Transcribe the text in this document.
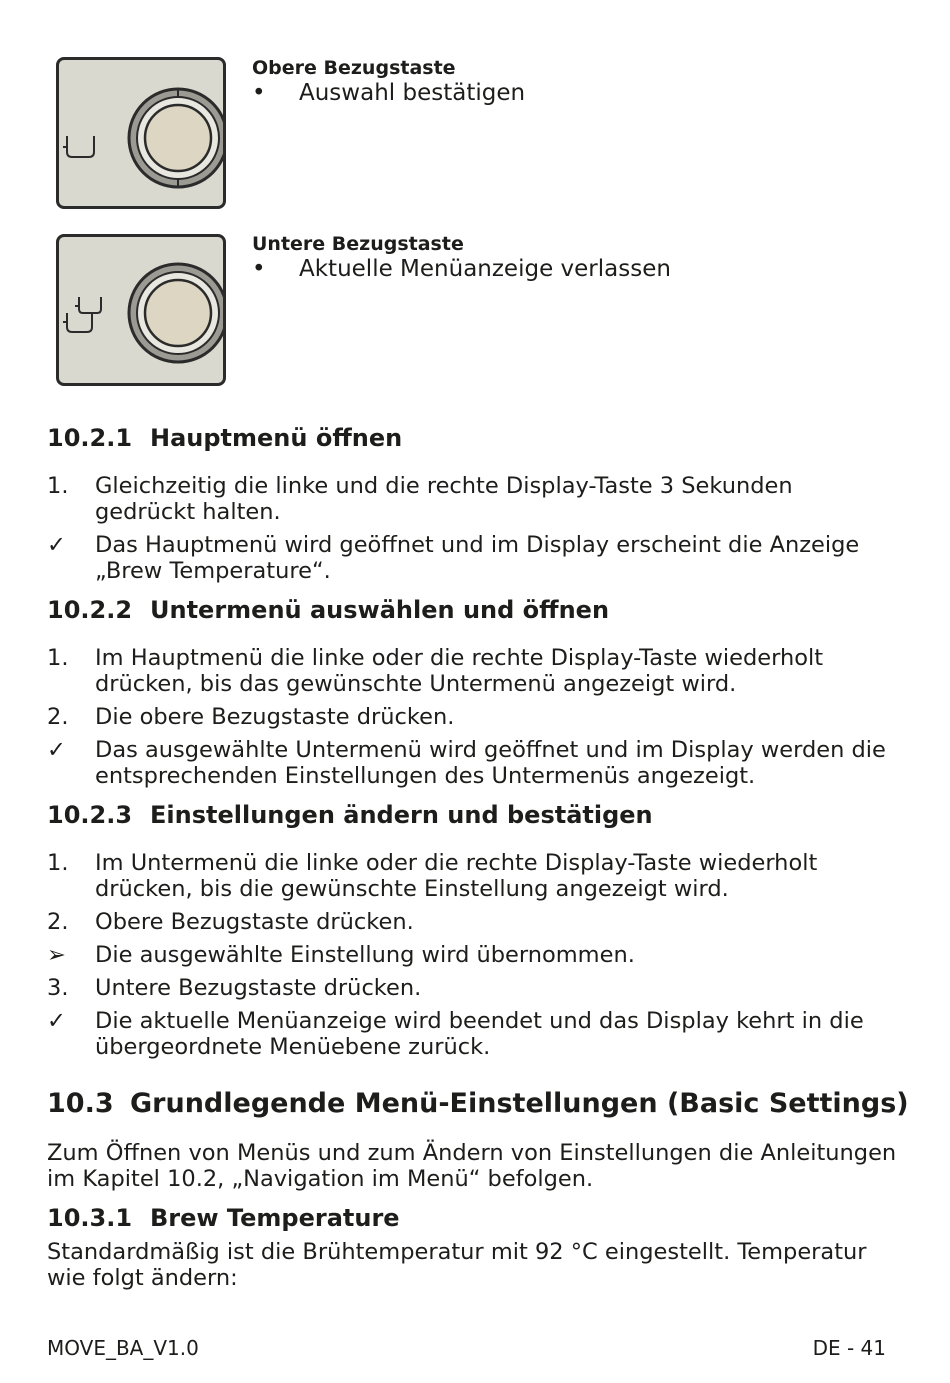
Obere Bezugstaste
• Auswahl bestätigen
Untere Bezugstaste
• Aktuelle Menüanzeige verlassen
10.2.1 Hauptmenü öffnen
1. Gleichzeitig die linke und die rechte Display-Taste 3 Sekunden gedrückt halten.
✓ Das Hauptmenü wird geöffnet und im Display erscheint die Anzeige „Brew Temperature“.
10.2.2 Untermenü auswählen und öffnen
1. Im Hauptmenü die linke oder die rechte Display-Taste wiederholt drücken, bis das gewünschte Untermenü angezeigt wird.
2. Die obere Bezugstaste drücken.
✓ Das ausgewählte Untermenü wird geöffnet und im Display werden die entsprechenden Einstellungen des Untermenüs angezeigt.
10.2.3 Einstellungen ändern und bestätigen
1. Im Untermenü die linke oder die rechte Display-Taste wiederholt drücken, bis die gewünschte Einstellung angezeigt wird.
2. Obere Bezugstaste drücken.
➢ Die ausgewählte Einstellung wird übernommen.
3. Untere Bezugstaste drücken.
✓ Die aktuelle Menüanzeige wird beendet und das Display kehrt in die übergeordnete Menüebene zurück.
10.3 Grundlegende Menü-Einstellungen (Basic Settings)
Zum Öffnen von Menüs und zum Ändern von Einstellungen die Anleitungen im Kapitel 10.2, „Navigation im Menü“ befolgen.
10.3.1 Brew Temperature
Standardmäßig ist die Brühtemperatur mit 92 °C eingestellt. Temperatur wie folgt ändern:
MOVE_BA_V1.0	DE - 41
